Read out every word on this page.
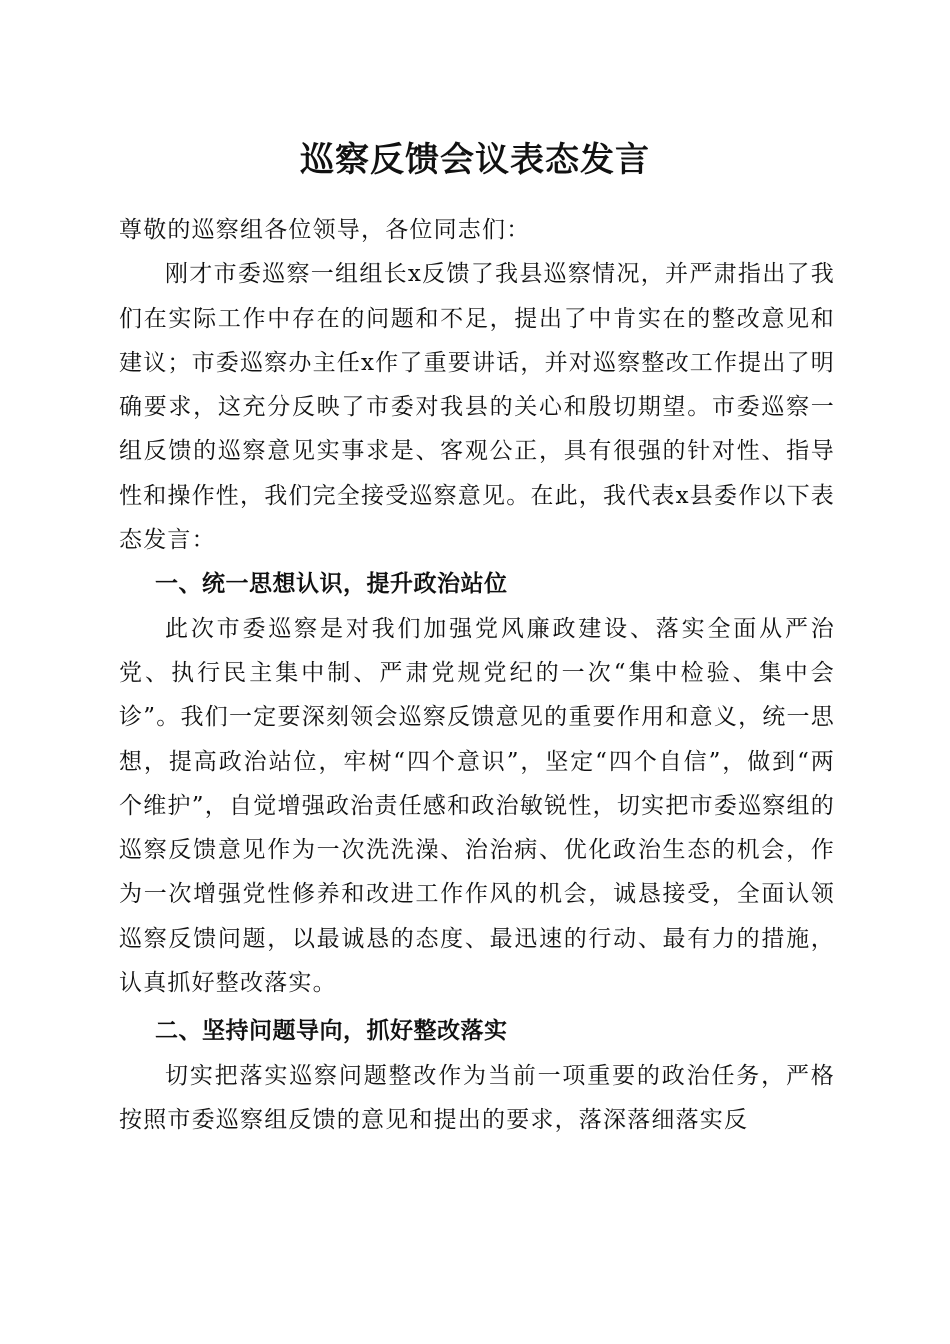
巡察反馈会议表态发言

尊敬的巡察组各位领导，各位同志们：

刚才市委巡察一组组长x反馈了我县巡察情况，并严肃指出了我们在实际工作中存在的问题和不足，提出了中肯实在的整改意见和建议；市委巡察办主任x作了重要讲话，并对巡察整改工作提出了明确要求，这充分反映了市委对我县的关心和殷切期望。市委巡察一组反馈的巡察意见实事求是、客观公正，具有很强的针对性、指导性和操作性，我们完全接受巡察意见。在此，我代表x县委作以下表态发言：

一、统一思想认识，提升政治站位

此次市委巡察是对我们加强党风廉政建设、落实全面从严治党、执行民主集中制、严肃党规党纪的一次“集中检验、集中会诊”。我们一定要深刻领会巡察反馈意见的重要作用和意义，统一思想，提高政治站位，牢树“四个意识”，坚定“四个自信”，做到“两个维护”，自觉增强政治责任感和政治敏锐性，切实把市委巡察组的巡察反馈意见作为一次洗洗澡、治治病、优化政治生态的机会，作为一次增强党性修养和改进工作作风的机会，诚恳接受，全面认领巡察反馈问题，以最诚恳的态度、最迅速的行动、最有力的措施，认真抓好整改落实。

二、坚持问题导向，抓好整改落实

切实把落实巡察问题整改作为当前一项重要的政治任务，严格按照市委巡察组反馈的意见和提出的要求，落深落细落实反
